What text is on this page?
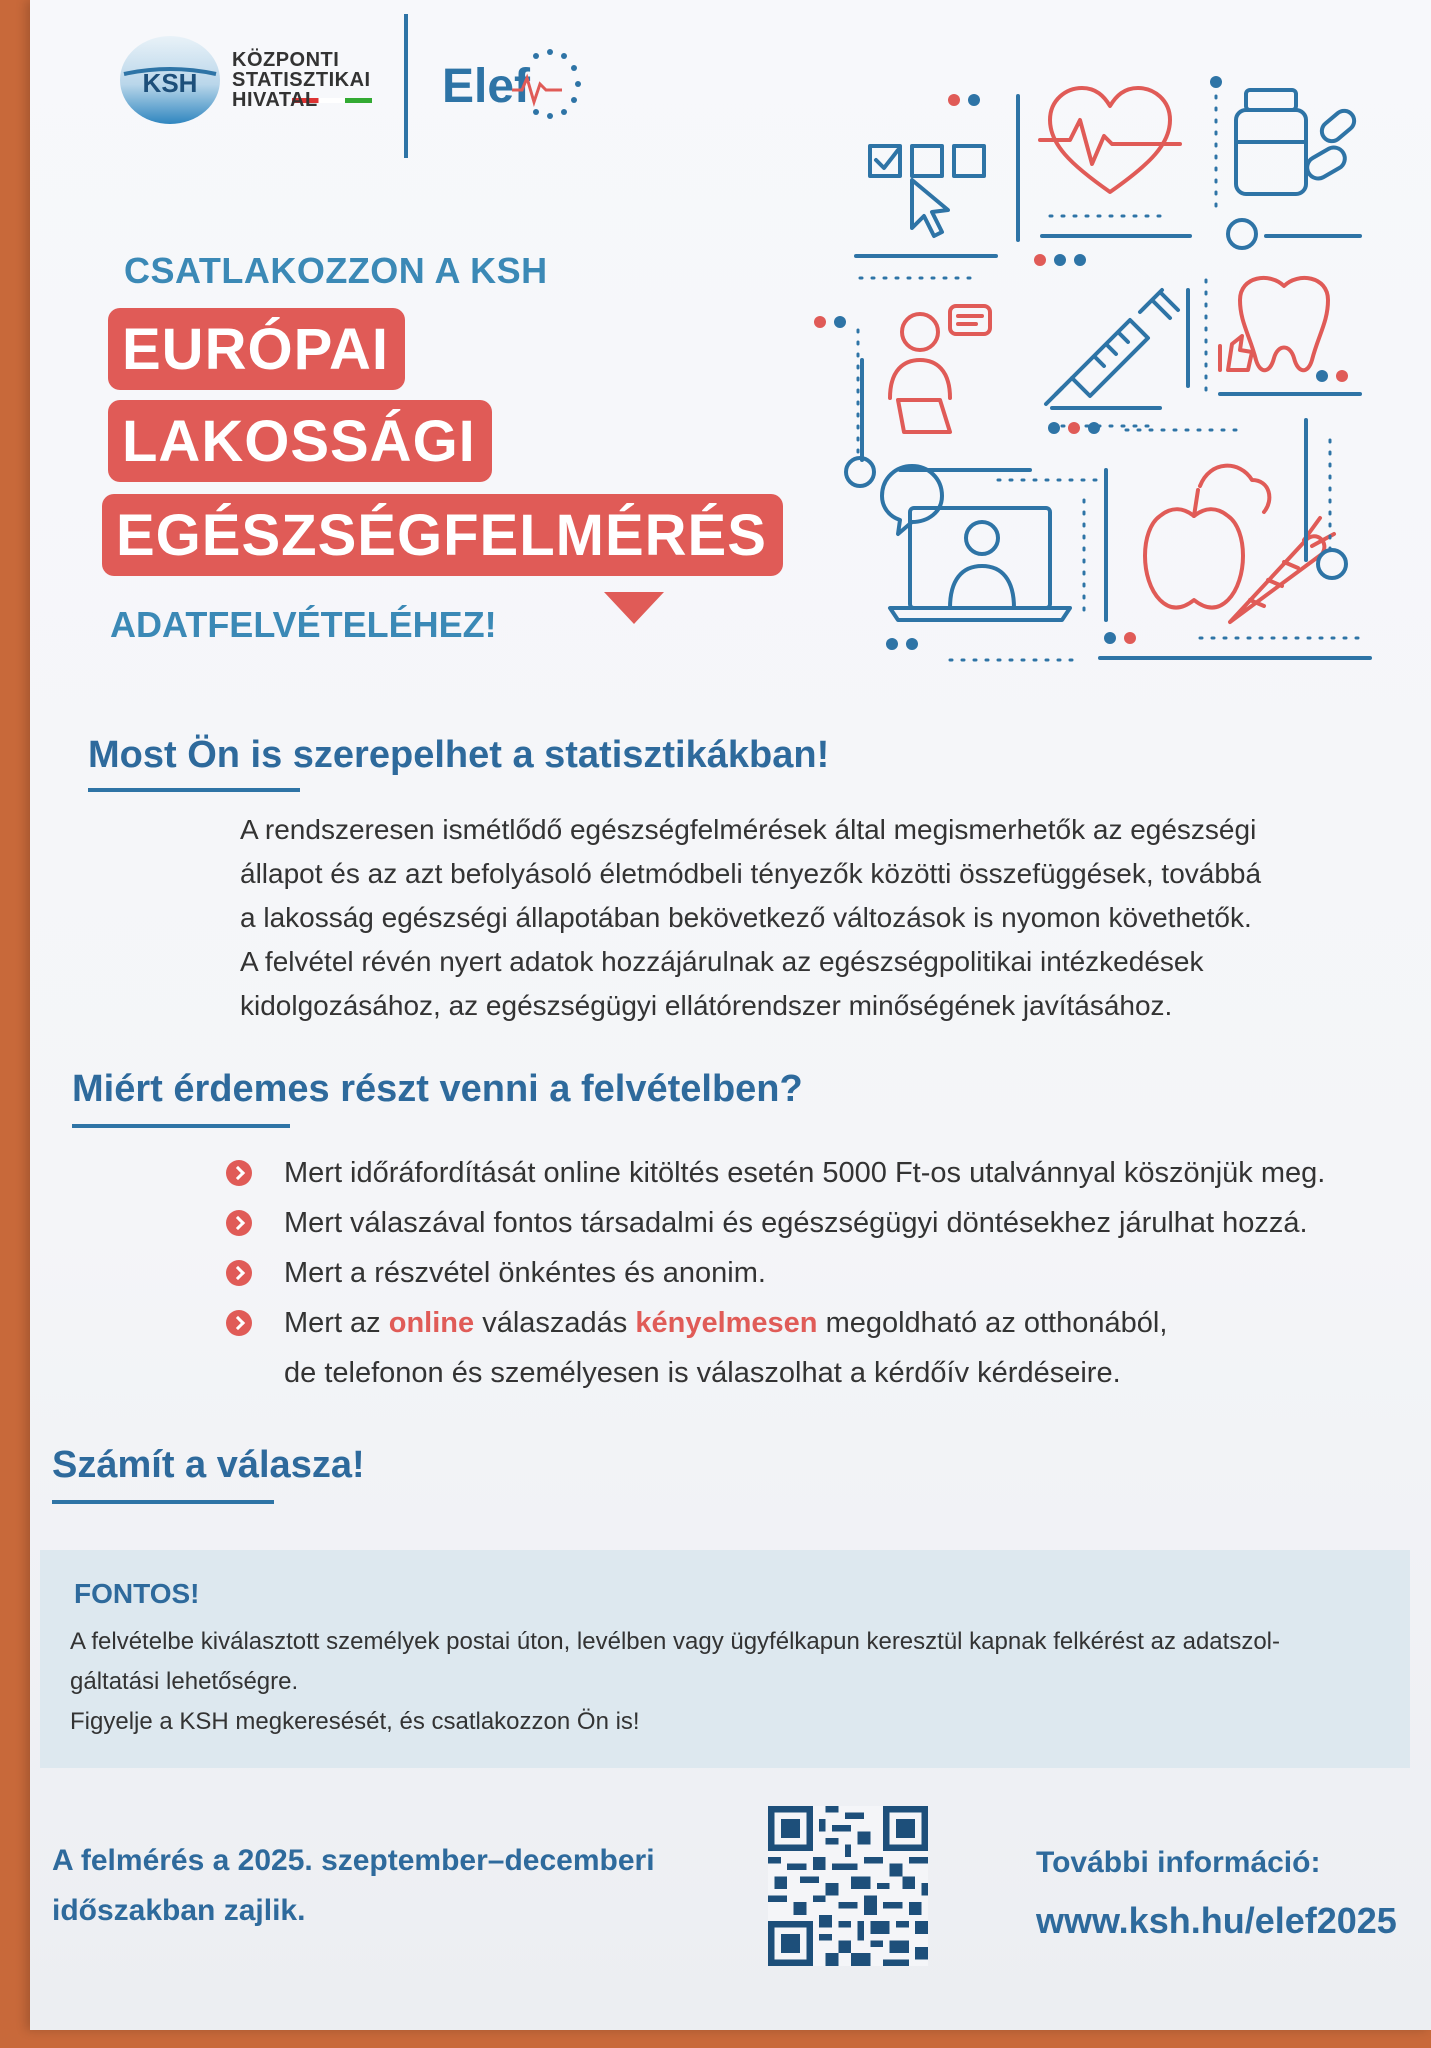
KSH
KÖZPONTI
STATISZTIKAI
HIVATAL	Elef
CSATLAKOZZON A KSH
EURÓPAI
LAKOSSÁGI
EGÉSZSÉGFELMÉRÉS
ADATFELVÉTELÉHEZ!
Most Ön is szerepelhet a statisztikákban!
A rendszeresen ismétlődő egészségfelmérések által megismerhetők az egészségi
állapot és az azt befolyásoló életmódbeli tényezők közötti összefüggések, továbbá
a lakosság egészségi állapotában bekövetkező változások is nyomon követhetők.
A felvétel révén nyert adatok hozzájárulnak az egészségpolitikai intézkedések
kidolgozásához, az egészségügyi ellátórendszer minőségének javításához.
Miért érdemes részt venni a felvételben?
Mert időráfordítását online kitöltés esetén 5000 Ft-os utalvánnyal köszönjük meg.
Mert válaszával fontos társadalmi és egészségügyi döntésekhez járulhat hozzá.
Mert a részvétel önkéntes és anonim.
Mert az online válaszadás kényelmesen megoldható az otthonából,
de telefonon és személyesen is válaszolhat a kérdőív kérdéseire.
Számít a válasza!
FONTOS!
A felvételbe kiválasztott személyek postai úton, levélben vagy ügyfélkapun keresztül kapnak felkérést az adatszol-
gáltatási lehetőségre.
Figyelje a KSH megkeresését, és csatlakozzon Ön is!
A felmérés a 2025. szeptember–decemberi
időszakban zajlik.
További információ:
www.ksh.hu/elef2025
